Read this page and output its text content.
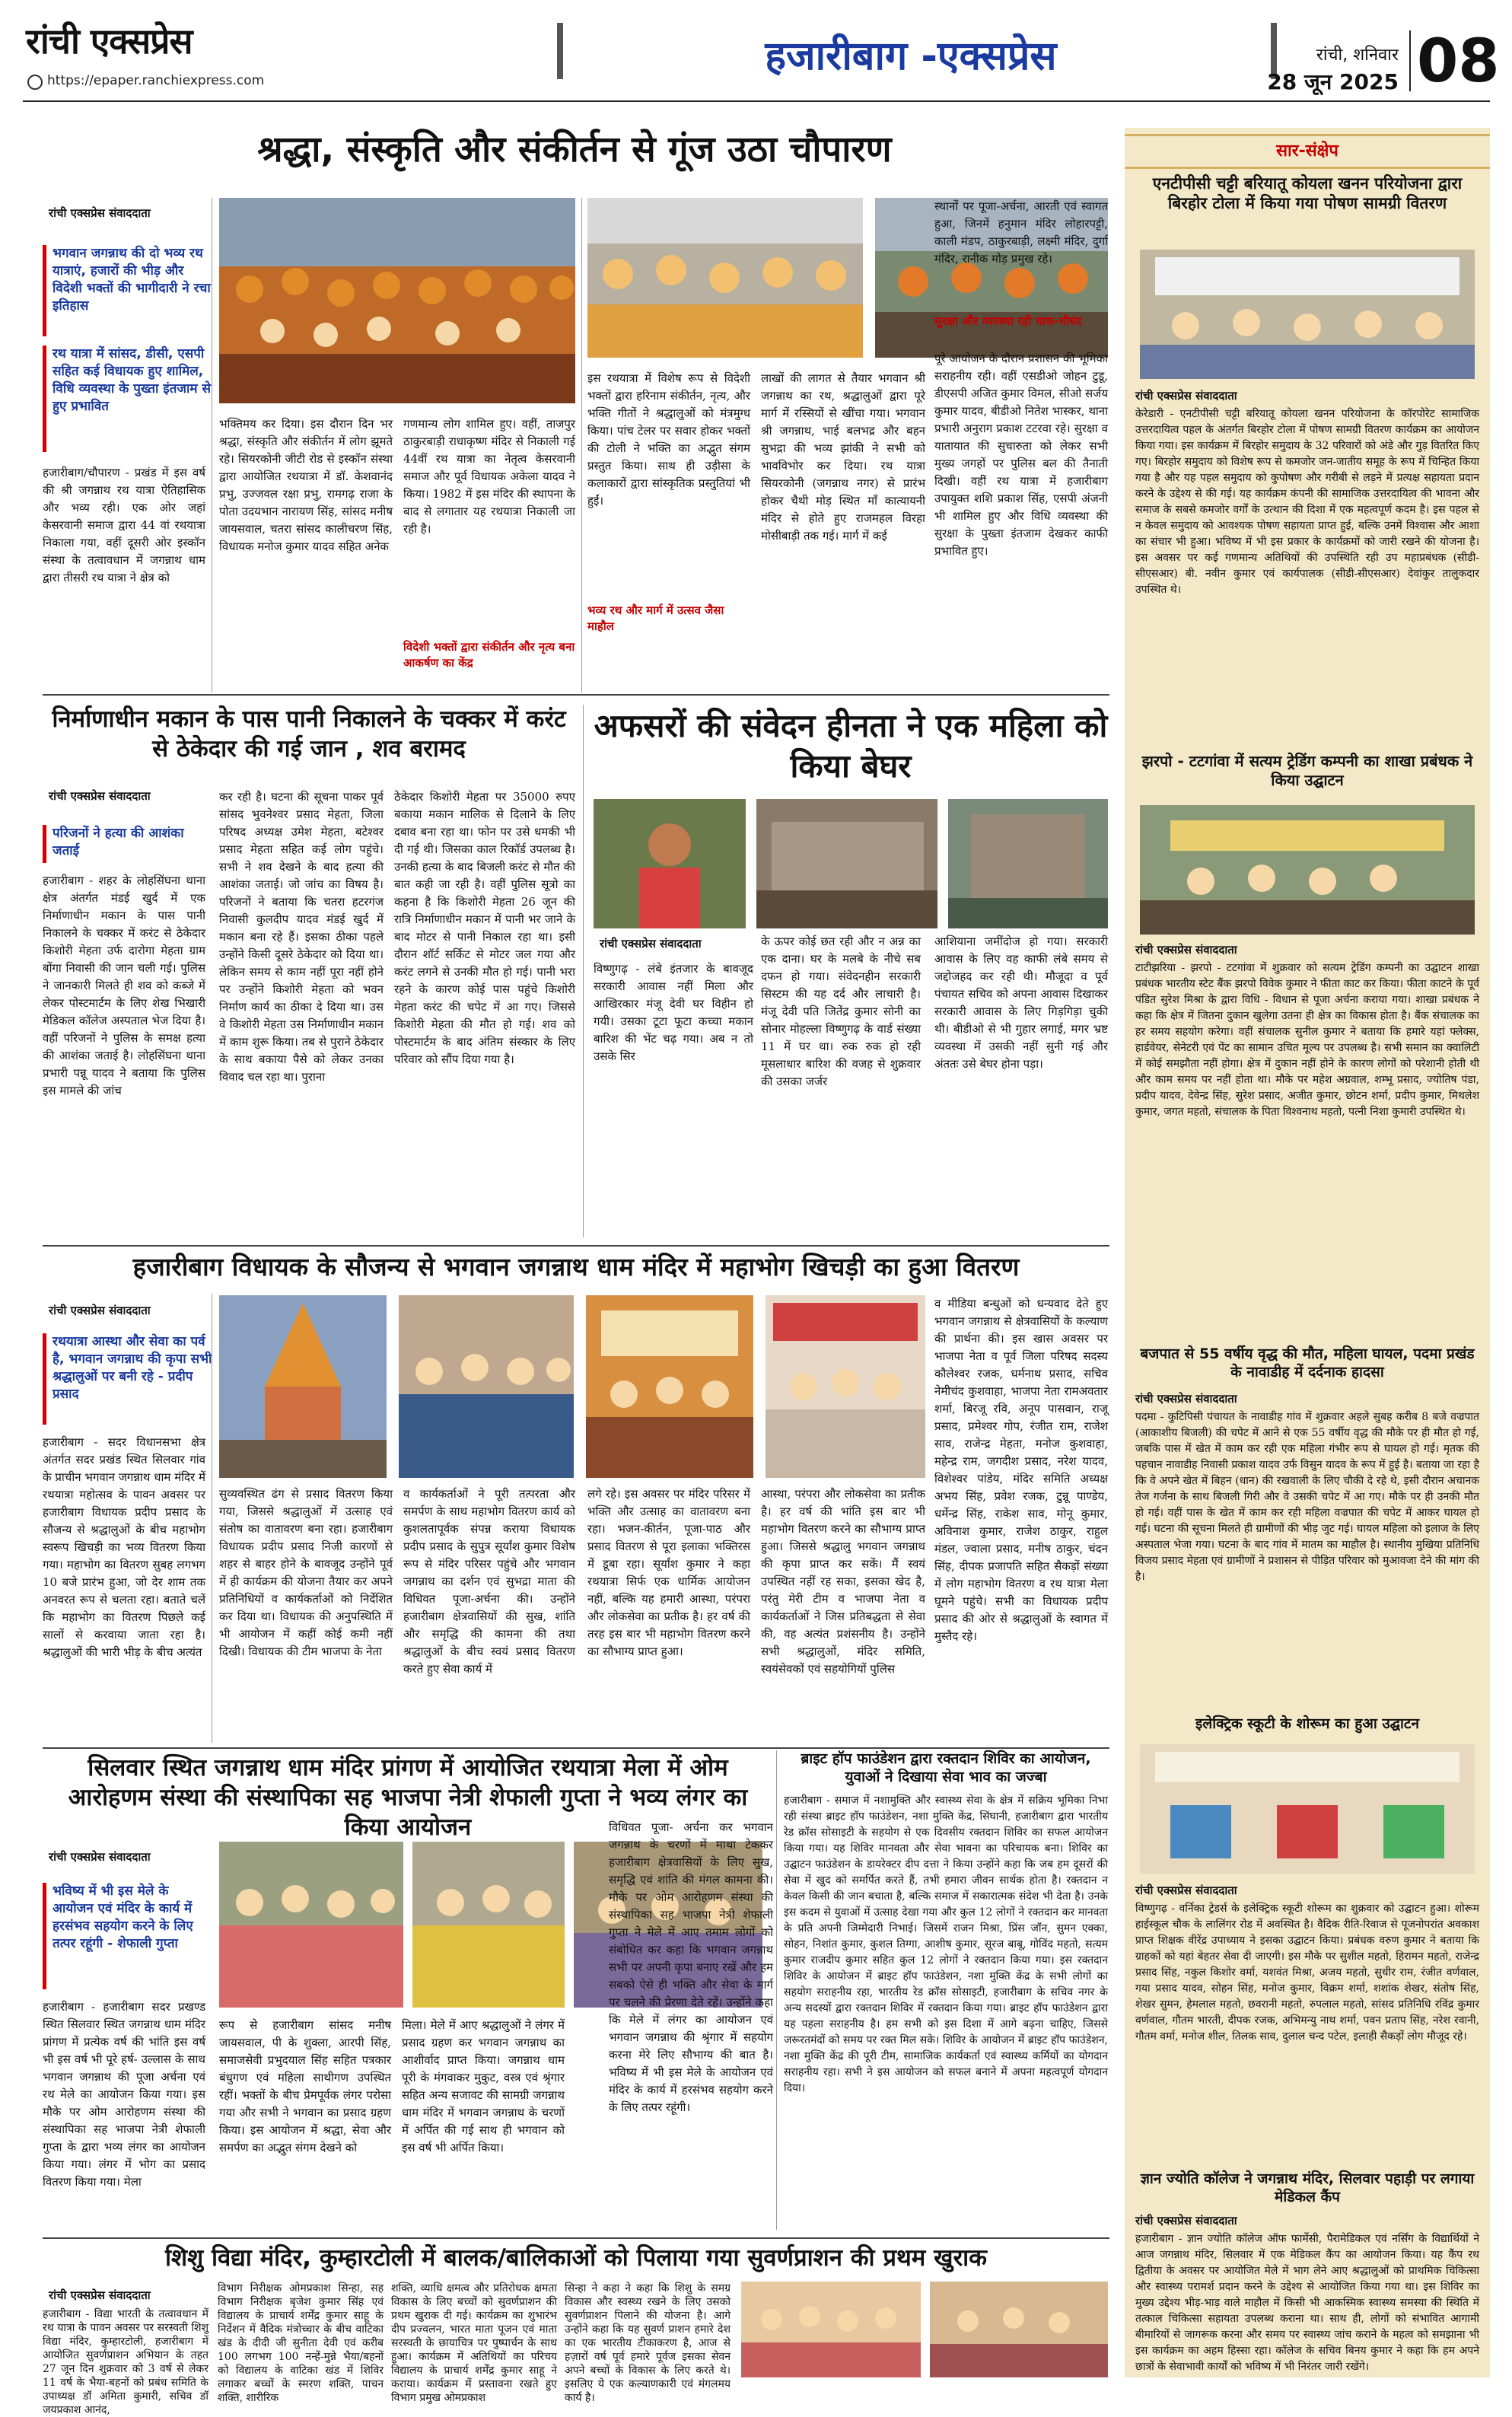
रांची एक्सप्रेस
https://epaper.ranchiexpress.com
हजारीबाग -एक्सप्रेस	रांची, शनिवार
28 जून 2025 08
श्रद्धा, संस्कृति और संकीर्तन से गूंज उठा चौपारण
रांची एक्सप्रेस संवाददाता
भगवान जगन्नाथ की दो भव्य रथ यात्राएं, हजारों की भीड़ और विदेशी भक्तों की भागीदारी ने रचा इतिहास
रथ यात्रा में सांसद, डीसी, एसपी सहित कई विधायक हुए शामिल, विधि व्यवस्था के पुख्ता इंतजाम से हुए प्रभावित
हजारीबाग/चौपारण - प्रखंड में इस वर्ष की श्री जगन्नाथ रथ यात्रा ऐतिहासिक और भव्य रही। एक ओर जहां केसरवानी समाज द्वारा 44 वां रथयात्रा निकाला गया, वहीं दूसरी ओर इस्कॉन संस्था के तत्वावधान में जगन्नाथ धाम द्वारा तीसरी रथ यात्रा ने क्षेत्र को
भक्तिमय कर दिया। इस दौरान दिन भर श्रद्धा, संस्कृति और संकीर्तन में लोग झूमते रहे। सियरकोनी जीटी रोड से इस्कॉन संस्था द्वारा आयोजित रथयात्रा में डॉ. केशवानंद प्रभु, उज्जवल रक्षा प्रभु, रामगढ़ राजा के पोता उदयभान नारायण सिंह, सांसद मनीष जायसवाल, चतरा सांसद कालीचरण सिंह, विधायक मनोज कुमार यादव सहित अनेक
गणमान्य लोग शामिल हुए। वहीं, ताजपुर ठाकुरबाड़ी राधाकृष्ण मंदिर से निकाली गई 44वीं रथ यात्रा का नेतृत्व केसरवानी समाज और पूर्व विधायक अकेला यादव ने किया। 1982 में इस मंदिर की स्थापना के बाद से लगातार यह रथयात्रा निकाली जा रही है।
विदेशी भक्तों द्वारा संकीर्तन और नृत्य बना आकर्षण का केंद्र
इस रथयात्रा में विशेष रूप से विदेशी भक्तों द्वारा हरिनाम संकीर्तन, नृत्य, और भक्ति गीतों ने श्रद्धालुओं को मंत्रमुग्ध किया। पांच टेलर पर सवार होकर भक्तों की टोली ने भक्ति का अद्भुत संगम प्रस्तुत किया। साथ ही उड़ीसा के कलाकारों द्वारा सांस्कृतिक प्रस्तुतियां भी हुईं।
भव्य रथ और मार्ग में उत्सव जैसा माहौल
लाखों की लागत से तैयार भगवान श्री जगन्नाथ का रथ, श्रद्धालुओं द्वारा पूरे मार्ग में रस्सियों से खींचा गया। भगवान श्री जगन्नाथ, भाई बलभद्र और बहन सुभद्रा की भव्य झांकी ने सभी को भावविभोर कर दिया। रथ यात्रा सियरकोनी (जगन्नाथ नगर) से प्रारंभ होकर चैथी मोड़ स्थित माँ कात्यायनी मंदिर से होते हुए राजमहल विरहा मोसीबाड़ी तक गई। मार्ग में कई
स्थानों पर पूजा-अर्चना, आरती एवं स्वागत हुआ, जिनमें हनुमान मंदिर लोहारपट्टी, काली मंडप, ठाकुरबाड़ी, लक्ष्मी मंदिर, दुर्गा मंदिर, रानीक मोड़ प्रमुख रहे।
सुरक्षा और व्यवस्था रही चाक-चौबंद
पूरे आयोजन के दौरान प्रशासन की भूमिका सराहनीय रही। वहीं एसडीओ जोहन टुडू, डीएसपी अजित कुमार विमल, सीओ सर्जय कुमार यादव, बीडीओ नितेश भास्कर, थाना प्रभारी अनुराग प्रकाश टटरवा रहे। सुरक्षा व यातायात की सुचारुता को लेकर सभी मुख्य जगहों पर पुलिस बल की तैनाती दिखी। वहीं रथ यात्रा में हजारीबाग उपायुक्त शशि प्रकाश सिंह, एसपी अंजनी भी शामिल हुए और विधि व्यवस्था की सुरक्षा के पुख्ता इंतजाम देखकर काफी प्रभावित हुए।
निर्माणाधीन मकान के पास पानी निकालने के चक्कर में करंट से ठेकेदार की गई जान , शव बरामद
रांची एक्सप्रेस संवाददाता
परिजनों ने हत्या की आशंका जताई
हजारीबाग - शहर के लोहसिंघना थाना क्षेत्र अंतर्गत मंडई खुर्द में एक निर्माणाधीन मकान के पास पानी निकालने के चक्कर में करंट से ठेकेदार किशोरी मेहता उर्फ दारोगा मेहता ग्राम बोंगा निवासी की जान चली गई। पुलिस ने जानकारी मिलते ही शव को कब्जे में लेकर पोस्टमार्टम के लिए शेख भिखारी मेडिकल कॉलेज अस्पताल भेज दिया है। वहीं परिजनों ने पुलिस के समक्ष हत्या की आशंका जताई है। लोहसिंघना थाना प्रभारी पन्नू यादव ने बताया कि पुलिस इस मामले की जांच
कर रही है। घटना की सूचना पाकर पूर्व सांसद भुवनेश्वर प्रसाद मेहता, जिला परिषद अध्यक्ष उमेश मेहता, बटेश्वर प्रसाद मेहता सहित कई लोग पहुंचे। सभी ने शव देखने के बाद हत्या की आशंका जताई। जो जांच का विषय है। परिजनों ने बताया कि चतरा हटरगंज निवासी कुलदीप यादव मंडई खुर्द में मकान बना रहे हैं। इसका ठीका पहले उन्होंने किसी दूसरे ठेकेदार को दिया था। लेकिन समय से काम नहीं पूरा नहीं होने पर उन्होंने किशोरी मेहता को भवन निर्माण कार्य का ठीका दे दिया था। उस वे किशोरी मेहता उस निर्माणाधीन मकान में काम शुरू किया। तब से पुराने ठेकेदार के साथ बकाया पैसे को लेकर उनका विवाद चल रहा था। पुराना
ठेकेदार किशोरी मेहता पर 35000 रुपए बकाया मकान मालिक से दिलाने के लिए दबाव बना रहा था। फोन पर उसे धमकी भी दी गई थी। जिसका काल रिकॉर्ड उपलब्ध है। उनकी हत्या के बाद बिजली करंट से मौत की बात कही जा रही है। वहीं पुलिस सूत्रो का कहना है कि किशोरी मेहता 26 जून की रात्रि निर्माणाधीन मकान में पानी भर जाने के बाद मोटर से पानी निकाल रहा था। इसी दौरान शॉर्ट सर्किट से मोटर जल गया और करंट लगने से उनकी मौत हो गई। पानी भरा रहने के कारण कोई पास पहुंचे किशोरी मेहता करंट की चपेट में आ गए। जिससे किशोरी मेहता की मौत हो गई। शव को पोस्टमार्टम के बाद अंतिम संस्कार के लिए परिवार को सौंप दिया गया है।
अफसरों की संवेदन हीनता ने एक महिला को किया बेघर
रांची एक्सप्रेस संवाददाता
विष्णुगढ़ - लंबे इंतजार के बावजूद सरकारी आवास नहीं मिला और आखिरकार मंजू देवी घर विहीन हो गयी। उसका टूटा फूटा कच्चा मकान बारिश की भेंट चढ़ गया। अब न तो उसके सिर
के ऊपर कोई छत रही और न अन्न का एक दाना। घर के मलबे के नीचे सब दफन हो गया। संवेदनहीन सरकारी सिस्टम की यह दर्द और लाचारी है। मंजू देवी पति जितेंद्र कुमार सोनी का सोनार मोहल्ला विष्णुगढ़ के वार्ड संख्या 11 में घर था। रुक रुक हो रही मूसलाधार बारिश की वजह से शुक्रवार की उसका जर्जर
आशियाना जमींदोज हो गया। सरकारी आवास के लिए वह काफी लंबे समय से जद्दोजहद कर रही थी। मौजूदा व पूर्व पंचायत सचिव को अपना आवास दिखाकर सरकारी आवास के लिए गिड़गिड़ा चुकी थी। बीडीओ से भी गुहार लगाई, मगर भ्रष्ट व्यवस्था में उसकी नहीं सुनी गई और अंततः उसे बेघर होना पड़ा।
हजारीबाग विधायक के सौजन्य से भगवान जगन्नाथ धाम मंदिर में महाभोग खिचड़ी का हुआ वितरण
रांची एक्सप्रेस संवाददाता
रथयात्रा आस्था और सेवा का पर्व है, भगवान जगन्नाथ की कृपा सभी श्रद्धालुओं पर बनी रहे - प्रदीप प्रसाद
हजारीबाग - सदर विधानसभा क्षेत्र अंतर्गत सदर प्रखंड स्थित सिलवार गांव के प्राचीन भगवान जगन्नाथ धाम मंदिर में रथयात्रा महोत्सव के पावन अवसर पर हजारीबाग विधायक प्रदीप प्रसाद के सौजन्य से श्रद्धालुओं के बीच महाभोग स्वरूप खिचड़ी का भव्य वितरण किया गया। महाभोग का वितरण सुबह लगभग 10 बजे प्रारंभ हुआ, जो देर शाम तक अनवरत रूप से चलता रहा। बताते चलें कि महाभोग का वितरण पिछले कई सालों से करवाया जाता रहा है। श्रद्धालुओं की भारी भीड़ के बीच अत्यंत
सुव्यवस्थित ढंग से प्रसाद वितरण किया गया, जिससे श्रद्धालुओं में उत्साह एवं संतोष का वातावरण बना रहा। हजारीबाग विधायक प्रदीप प्रसाद निजी कारणों से शहर से बाहर होने के बावजूद उन्होंने पूर्व में ही कार्यक्रम की योजना तैयार कर अपने प्रतिनिधियों व कार्यकर्ताओं को निर्देशित कर दिया था। विधायक की अनुपस्थिति में भी आयोजन में कहीं कोई कमी नहीं दिखी। विधायक की टीम भाजपा के नेता
व कार्यकर्ताओं ने पूरी तत्परता और समर्पण के साथ महाभोग वितरण कार्य को कुशलतापूर्वक संपन्न कराया विधायक प्रदीप प्रसाद के सुपुत्र सूर्यांश कुमार विशेष रूप से मंदिर परिसर पहुंचे और भगवान जगन्नाथ का दर्शन एवं सुभद्रा माता की विधिवत पूजा-अर्चना की। उन्होंने हजारीबाग क्षेत्रवासियों की सुख, शांति और समृद्धि की कामना की तथा श्रद्धालुओं के बीच स्वयं प्रसाद वितरण करते हुए सेवा कार्य में
लगे रहे। इस अवसर पर मंदिर परिसर में भक्ति और उत्साह का वातावरण बना रहा। भजन-कीर्तन, पूजा-पाठ और प्रसाद वितरण से पूरा इलाका भक्तिरस में डूबा रहा। सूर्यांश कुमार ने कहा रथयात्रा सिर्फ एक धार्मिक आयोजन नहीं, बल्कि यह हमारी आस्था, परंपरा और लोकसेवा का प्रतीक है। हर वर्ष की तरह इस बार भी महाभोग वितरण करने का सौभाग्य प्राप्त हुआ।
आस्था, परंपरा और लोकसेवा का प्रतीक है। हर वर्ष की भांति इस बार भी महाभोग वितरण करने का सौभाग्य प्राप्त हुआ। जिससे श्रद्धालु भगवान जगन्नाथ की कृपा प्राप्त कर सकें। मैं स्वयं उपस्थित नहीं रह सका, इसका खेद है, परंतु मेरी टीम व भाजपा नेता व कार्यकर्ताओं ने जिस प्रतिबद्धता से सेवा की, वह अत्यंत प्रशंसनीय है। उन्होंने सभी श्रद्धालुओं, मंदिर समिति, स्वयंसेवकों एवं सहयोगियों पुलिस
व मीडिया बन्धुओं को धन्यवाद देते हुए भगवान जगन्नाथ से क्षेत्रवासियों के कल्याण की प्रार्थना की। इस खास अवसर पर भाजपा नेता व पूर्व जिला परिषद सदस्य कौलेश्वर रजक, धर्मनाथ प्रसाद, सचिव नेमीचंद कुशवाहा, भाजपा नेता रामअवतार शर्मा, बिरजू रवि, अनूप पासवान, राजू प्रसाद, प्रमेश्वर गोप, रंजीत राम, राजेश साव, राजेन्द्र मेहता, मनोज कुशवाहा, महेन्द्र राम, जगदीश प्रसाद, नरेश यादव, विशेश्वर पांडेय, मंदिर समिति अध्यक्ष अभय सिंह, प्रवेश रजक, टुन्नू पाण्डेय, धर्मेन्द्र सिंह, राकेश साव, मोनू कुमार, अविनाश कुमार, राजेश ठाकुर, राहुल मंडल, ज्वाला प्रसाद, मनीष ठाकुर, चंदन सिंह, दीपक प्रजापति सहित सैकड़ों संख्या में लोग महाभोग वितरण व रथ यात्रा मेला घूमने पहुंचे। सभी का विधायक प्रदीप प्रसाद की ओर से श्रद्धालुओं के स्वागत में मुस्तैद रहे।
सिलवार स्थित जगन्नाथ धाम मंदिर प्रांगण में आयोजित रथयात्रा मेला में ओम आरोहणम संस्था की संस्थापिका सह भाजपा नेत्री शेफाली गुप्ता ने भव्य लंगर का किया आयोजन
रांची एक्सप्रेस संवाददाता
भविष्य में भी इस मेले के आयोजन एवं मंदिर के कार्य में हरसंभव सहयोग करने के लिए तत्पर रहूंगी - शेफाली गुप्ता
हजारीबाग - हजारीबाग सदर प्रखण्ड स्थित सिलवार स्थित जगन्नाथ धाम मंदिर प्रांगण में प्रत्येक वर्ष की भांति इस वर्ष भी इस वर्ष भी पूरे हर्ष- उल्लास के साथ भगवान जगन्नाथ की पूजा अर्चना एवं रथ मेले का आयोजन किया गया। इस मौके पर ओम आरोहणम संस्था की संस्थापिका सह भाजपा नेत्री शेफाली गुप्ता के द्वारा भव्य लंगर का आयोजन किया गया। लंगर में भोग का प्रसाद वितरण किया गया। मेला
रूप से हजारीबाग सांसद मनीष जायसवाल, पी के शुक्ला, आरपी सिंह, समाजसेवी प्रभुदयाल सिंह सहित पत्रकार बंधुगण एवं महिला साथीगण उपस्थित रहीं। भक्तों के बीच प्रेमपूर्वक लंगर परोसा गया और सभी ने भगवान का प्रसाद ग्रहण किया। इस आयोजन में श्रद्धा, सेवा और समर्पण का अद्भुत संगम देखने को
मिला। मेले में आए श्रद्धालुओं ने लंगर में प्रसाद ग्रहण कर भगवान जगन्नाथ का आशीर्वाद प्राप्त किया। जगन्नाथ धाम पूरी के मंगवाकर मुकुट, वस्त्र एवं श्रृंगार सहित अन्य सजावट की सामग्री जगन्नाथ धाम मंदिर में भगवान जगन्नाथ के चरणों में अर्पित की गई साथ ही भगवान को इस वर्ष भी अर्पित किया।
विधिवत पूजा- अर्चना कर भगवान जगन्नाथ के चरणों में माथा टेककर हजारीबाग क्षेत्रवासियों के लिए सुख, समृद्धि एवं शांति की मंगल कामना की। मौके पर ओम आरोहणम संस्था की संस्थापिका सह भाजपा नेत्री शेफाली गुप्ता ने मेले में आए तमाम लोगों को संबोधित कर कहा कि भगवान जगन्नाथ सभी पर अपनी कृपा बनाए रखें और हम सबको ऐसे ही भक्ति और सेवा के मार्ग पर चलने की प्रेरणा देते रहें। उन्होंने कहा कि मेले में लंगर का आयोजन एवं भगवान जगन्नाथ की श्रृंगार में सहयोग करना मेरे लिए सौभाग्य की बात है। भविष्य में भी इस मेले के आयोजन एवं मंदिर के कार्य में हरसंभव सहयोग करने के लिए तत्पर रहूंगी।
ब्राइट हॉप फाउंडेशन द्वारा रक्तदान शिविर का आयोजन, युवाओं ने दिखाया सेवा भाव का जज्बा
हजारीबाग - समाज में नशामुक्ति और स्वास्थ्य सेवा के क्षेत्र में सक्रिय भूमिका निभा रही संस्था ब्राइट हॉप फाउंडेशन, नशा मुक्ति केंद्र, सिंघानी, हजारीबाग द्वारा भारतीय रेड क्रॉस सोसाइटी के सहयोग से एक दिवसीय रक्तदान शिविर का सफल आयोजन किया गया। यह शिविर मानवता और सेवा भावना का परिचायक बना। शिविर का उद्घाटन फाउंडेशन के डायरेक्टर दीप दत्ता ने किया उन्होंने कहा कि जब हम दूसरों की सेवा में खुद को समर्पित करते हैं, तभी हमारा जीवन सार्थक होता है। रक्तदान न केवल किसी की जान बचाता है, बल्कि समाज में सकारात्मक संदेश भी देता है। उनके इस कदम से युवाओं में उत्साह देखा गया और कुल 12 लोगों ने रक्तदान कर मानवता के प्रति अपनी जिम्मेदारी निभाई। जिसमें राजन मिश्रा, प्रिंस जॉन, सुमन एक्का, सोहन, निशांत कुमार, कुशल तिग्गा, आशीष कुमार, सूरज बाबू, गोविंद महतो, सत्यम कुमार राजदीप कुमार सहित कुल 12 लोगों ने रक्तदान किया गया। इस रक्तदान शिविर के आयोजन में ब्राइट हॉप फाउंडेशन, नशा मुक्ति केंद्र के सभी लोगों का सहयोग सराहनीय रहा, भारतीय रेड क्रॉस सोसाइटी, हजारीबाग के सचिव नगर के अन्य सदस्यों द्वारा रक्तदान शिविर में रक्तदान किया गया। ब्राइट हॉप फाउंडेशन द्वारा यह पहला सराहनीय है। हम सभी को इस दिशा में आगे बढ़ना चाहिए, जिससे जरूरतमंदों को समय पर रक्त मिल सके। शिविर के आयोजन में ब्राइट हॉप फाउंडेशन, नशा मुक्ति केंद्र की पूरी टीम, सामाजिक कार्यकर्ता एवं स्वास्थ्य कर्मियों का योगदान सराहनीय रहा। सभी ने इस आयोजन को सफल बनाने में अपना महत्वपूर्ण योगदान दिया।
शिशु विद्या मंदिर, कुम्हारटोली में बालक/बालिकाओं को पिलाया गया सुवर्णप्राशन की प्रथम खुराक
रांची एक्सप्रेस संवाददाता
हजारीबाग - विद्या भारती के तत्वावधान में रथ यात्रा के पावन अवसर पर सरस्वती शिशु विद्या मंदिर, कुम्हारटोली, हजारीबाग में आयोजित सुवर्णप्राशन अभियान के तहत 27 जून दिन शुक्रवार को 3 वर्ष से लेकर 11 वर्ष के भैया-बहनों को प्रबंध समिति के उपाध्यक्ष डॉ अमिता कुमारी, सचिव डॉ जयप्रकाश आनंद,
विभाग निरीक्षक ओमप्रकाश सिन्हा, सह विभाग निरीक्षक बृजेश कुमार सिंह एवं विद्यालय के प्राचार्य शर्मेंद्र कुमार साहू के निर्देशन में वैदिक मंत्रोच्चार के बीच वाटिका खंड के दीदी जी सुनीता देवी एवं करीब 100 लगभग 100 नन्हें-मुन्ने भैया/बहनों को विद्यालय के वाटिका खंड में शिविर लगाकर बच्चों के स्मरण शक्ति, पाचन शक्ति, शारीरिक
शक्ति, व्याधि क्षमत्व और प्रतिरोधक क्षमता विकास के लिए बच्चों को सुवर्णप्राशन की प्रथम खुराक दी गई। कार्यक्रम का शुभारंभ दीप प्रज्वलन, भारत माता पूजन एवं माता सरस्वती के छायाचित्र पर पुष्पार्चन के साथ हुआ। कार्यक्रम में अतिथियों का परिचय विद्यालय के प्राचार्य शर्मेंद्र कुमार साहू ने कराया। कार्यक्रम में प्रस्तावना रखते हुए विभाग प्रमुख ओमप्रकाश
सिन्हा ने कहा ने कहा कि शिशु के समग्र विकास और स्वस्थ्य रखने के लिए उसको सुवर्णप्राशन पिलाने की योजना है। आगे उन्होंने कहा कि यह सुवर्ण प्राशन हमारे देश का एक भारतीय टीकाकरण है, आज से हज़ारों वर्ष पूर्व हमारे पूर्वज इसका सेवन अपने बच्चों के विकास के लिए करते थे। इसलिए ये एक कल्याणकारी एवं मंगलमय कार्य है।
सार-संक्षेप
एनटीपीसी चट्टी बरियातू कोयला खनन परियोजना द्वारा बिरहोर टोला में किया गया पोषण सामग्री वितरण
रांची एक्सप्रेस संवाददाता
केरेडारी - एनटीपीसी चट्टी बरियातू कोयला खनन परियोजना के कॉरपोरेट सामाजिक उत्तरदायित्व पहल के अंतर्गत बिरहोर टोला में पोषण सामग्री वितरण कार्यक्रम का आयोजन किया गया। इस कार्यक्रम में बिरहोर समुदाय के 32 परिवारों को अंडे और गुड़ वितरित किए गए। बिरहोर समुदाय को विशेष रूप से कमजोर जन-जातीय समूह के रूप में चिन्हित किया गया है और यह पहल समुदाय को कुपोषण और गरीबी से लड़ने में प्रत्यक्ष सहायता प्रदान करने के उद्देश्य से की गई। यह कार्यक्रम कंपनी की सामाजिक उत्तरदायित्व की भावना और समाज के सबसे कमजोर वर्गों के उत्थान की दिशा में एक महत्वपूर्ण कदम है। इस पहल से न केवल समुदाय को आवश्यक पोषण सहायता प्राप्त हुई, बल्कि उनमें विश्वास और आशा का संचार भी हुआ। भविष्य में भी इस प्रकार के कार्यक्रमों को जारी रखने की योजना है। इस अवसर पर कई गणमान्य अतिथियों की उपस्थिति रही उप महाप्रबंधक (सीडी-सीएसआर) बी. नवीन कुमार एवं कार्यपालक (सीडी-सीएसआर) देवांकुर तालुकदार उपस्थित थे।
झरपो - टटगांवा में सत्यम ट्रेडिंग कम्पनी का शाखा प्रबंधक ने किया उद्घाटन
रांची एक्सप्रेस संवाददाता
टाटीझरिया - झरपो - टटगांवा में शुक्रवार को सत्यम ट्रेडिंग कम्पनी का उद्घाटन शाखा प्रबंधक भारतीय स्टेट बैंक झरपो विवेक कुमार ने फीता काट कर किया। फीता काटने के पूर्व पंडित सुरेश मिश्रा के द्वारा विधि - विधान से पूजा अर्चना कराया गया। शाखा प्रबंधक ने कहा कि क्षेत्र में जितना दुकान खुलेगा उतना ही क्षेत्र का विकास होता है। बैंक संचालक का हर समय सहयोग करेगा। वहीं संचालक सुनील कुमार ने बताया कि हमारे यहां फ्लेक्स, हार्डवेयर, सेनेटरी एवं पेंट का सामान उचित मूल्य पर उपलब्ध है। सभी समान का क्वालिटी में कोई समझौता नहीं होगा। क्षेत्र में दुकान नहीं होने के कारण लोगों को परेशानी होती थी और काम समय पर नहीं होता था। मौके पर महेश अग्रवाल, शम्भू प्रसाद, ज्योतिष पंडा, प्रदीप यादव, देवेन्द्र सिंह, सुरेश प्रसाद, अजीत कुमार, छोटन शर्मा, प्रदीप कुमार, मिथलेश कुमार, जगत महतो, संचालक के पिता विश्वनाथ महतो, पत्नी निशा कुमारी उपस्थित थे।
बजपात से 55 वर्षीय वृद्ध की मौत, महिला घायल, पदमा प्रखंड के नावाडीह में दर्दनाक हादसा
रांची एक्सप्रेस संवाददाता
पदमा - कुटिपिसी पंचायत के नावाडीह गांव में शुक्रवार अहले सुबह करीब 8 बजे वज्रपात (आकाशीय बिजली) की चपेट में आने से एक 55 वर्षीय वृद्ध की मौके पर ही मौत हो गई, जबकि पास में खेत में काम कर रही एक महिला गंभीर रूप से घायल हो गई। मृतक की पहचान नावाडीह निवासी प्रकाश यादव उर्फ विसुन यादव के रूप में हुई है। बताया जा रहा है कि वे अपने खेत में बिहन (धान) की रखवाली के लिए चौकी दे रहे थे, इसी दौरान अचानक तेज गर्जना के साथ बिजली गिरी और वे उसकी चपेट में आ गए। मौके पर ही उनकी मौत हो गई। वहीं पास के खेत में काम कर रही महिला वज्रपात की चपेट में आकर घायल हो गई। घटना की सूचना मिलते ही ग्रामीणों की भीड़ जुट गई। घायल महिला को इलाज के लिए अस्पताल भेजा गया। घटना के बाद गांव में मातम का माहौल है। स्थानीय मुखिया प्रतिनिधि विजय प्रसाद मेहता एवं ग्रामीणों ने प्रशासन से पीड़ित परिवार को मुआवजा देने की मांग की है।
इलेक्ट्रिक स्कूटी के शोरूम का हुआ उद्घाटन
रांची एक्सप्रेस संवाददाता
विष्णुगढ़ - वर्निका ट्रेडर्स के इलेक्ट्रिक स्कूटी शोरूम का शुक्रवार को उद्घाटन हुआ। शोरूम हाईस्कूल चौक के लालिंगर रोड में अवस्थित है। वैदिक रीति-रिवाज से पूजनोपरांत अवकाश प्राप्त शिक्षक वीरेंद्र उपाध्याय ने इसका उद्घाटन किया। प्रबंधक वरुण कुमार ने बताया कि ग्राहकों को यहां बेहतर सेवा दी जाएगी। इस मौके पर सुशील महतो, हिरामन महतो, राजेन्द्र प्रसाद सिंह, नकुल किशोर वर्मा, यशवंत मिश्रा, अजय महतो, सुधीर राम, रंजीत वर्णवाल, गया प्रसाद यादव, सोहन सिंह, मनोज कुमार, विक्रम शर्मा, शशांक शेखर, संतोष सिंह, शेखर सुमन, हेमलाल महतो, छवरानी महतो, रुपलाल महतो, सांसद प्रतिनिधि रविंद्र कुमार वर्णवाल, गौतम भारती, दीपक रजक, अभिमन्यु नाथ शर्मा, पवन प्रताप सिंह, नरेश रवानी, गौतम वर्मा, मनोज शील, तिलक साव, दुलाल चन्द पटेल, इलाही सैकड़ों लोग मौजूद रहे।
ज्ञान ज्योति कॉलेज ने जगन्नाथ मंदिर, सिलवार पहाड़ी पर लगाया मेडिकल कैंप
रांची एक्सप्रेस संवाददाता
हजारीबाग - ज्ञान ज्योति कॉलेज ऑफ फार्मेसी, पैरामेडिकल एवं नर्सिंग के विद्यार्थियों ने आज जगन्नाथ मंदिर, सिलवार में एक मेडिकल कैंप का आयोजन किया। यह कैंप रथ द्वितीया के अवसर पर आयोजित मेले में भाग लेने आए श्रद्धालुओं को प्राथमिक चिकित्सा और स्वास्थ्य परामर्श प्रदान करने के उद्देश्य से आयोजित किया गया था। इस शिविर का मुख्य उद्देश्य भीड़-भाड़ वाले माहौल में किसी भी आकस्मिक स्वास्थ्य समस्या की स्थिति में तत्काल चिकित्सा सहायता उपलब्ध कराना था। साथ ही, लोगों को संभावित आगामी बीमारियों से जागरूक करना और समय पर स्वास्थ्य जांच कराने के महत्व को समझाना भी इस कार्यक्रम का अहम हिस्सा रहा। कॉलेज के सचिव बिनय कुमार ने कहा कि हम अपने छात्रों के सेवाभावी कार्यों को भविष्य में भी निरंतर जारी रखेंगे।
